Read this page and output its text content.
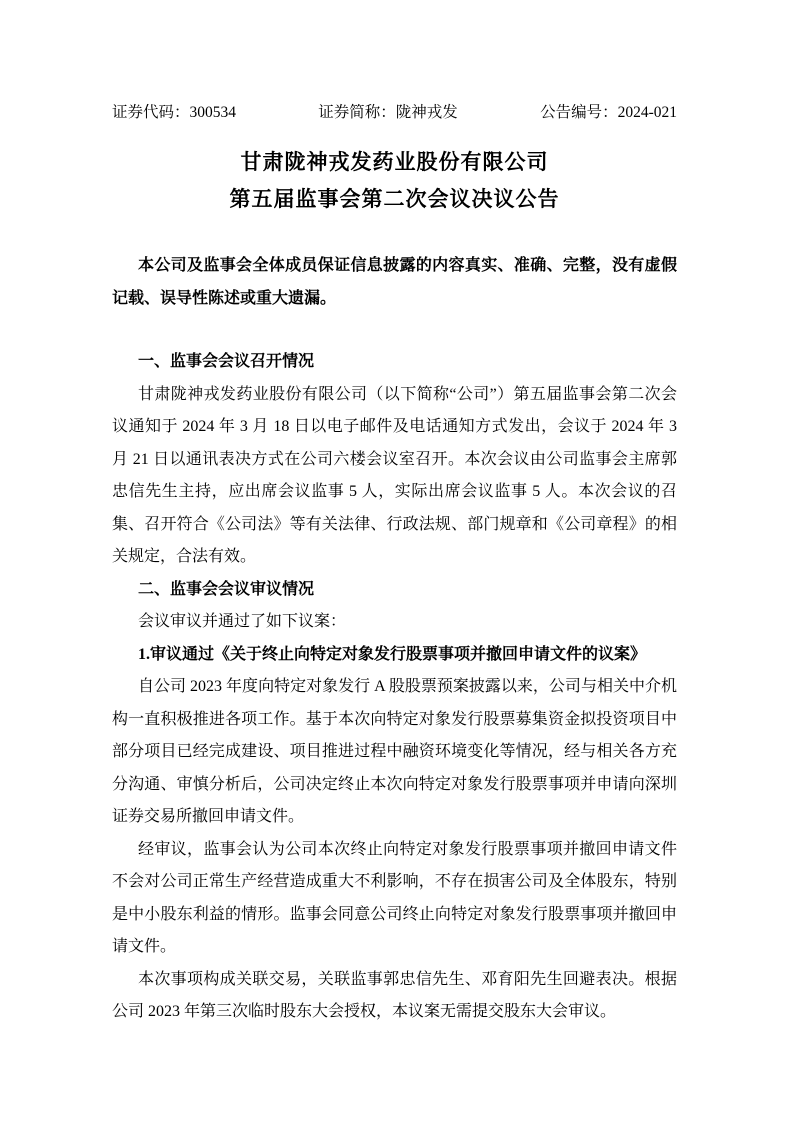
证券代码：300534	证券简称：陇神戎发	公告编号：2024-021
甘肃陇神戎发药业股份有限公司
第五届监事会第二次会议决议公告

本公司及监事会全体成员保证信息披露的内容真实、准确、完整，没有虚假记载、误导性陈述或重大遗漏。

一、监事会会议召开情况

甘肃陇神戎发药业股份有限公司（以下简称“公司”）第五届监事会第二次会议通知于 2024 年 3 月 18 日以电子邮件及电话通知方式发出，会议于 2024 年 3 月 21 日以通讯表决方式在公司六楼会议室召开。本次会议由公司监事会主席郭忠信先生主持，应出席会议监事 5 人，实际出席会议监事 5 人。本次会议的召集、召开符合《公司法》等有关法律、行政法规、部门规章和《公司章程》的相关规定，合法有效。

二、监事会会议审议情况

会议审议并通过了如下议案：

1.审议通过《关于终止向特定对象发行股票事项并撤回申请文件的议案》

自公司 2023 年度向特定对象发行 A 股股票预案披露以来，公司与相关中介机构一直积极推进各项工作。基于本次向特定对象发行股票募集资金拟投资项目中部分项目已经完成建设、项目推进过程中融资环境变化等情况，经与相关各方充分沟通、审慎分析后，公司决定终止本次向特定对象发行股票事项并申请向深圳证券交易所撤回申请文件。

经审议，监事会认为公司本次终止向特定对象发行股票事项并撤回申请文件不会对公司正常生产经营造成重大不利影响，不存在损害公司及全体股东，特别是中小股东利益的情形。监事会同意公司终止向特定对象发行股票事项并撤回申请文件。

本次事项构成关联交易，关联监事郭忠信先生、邓育阳先生回避表决。根据公司 2023 年第三次临时股东大会授权，本议案无需提交股东大会审议。
